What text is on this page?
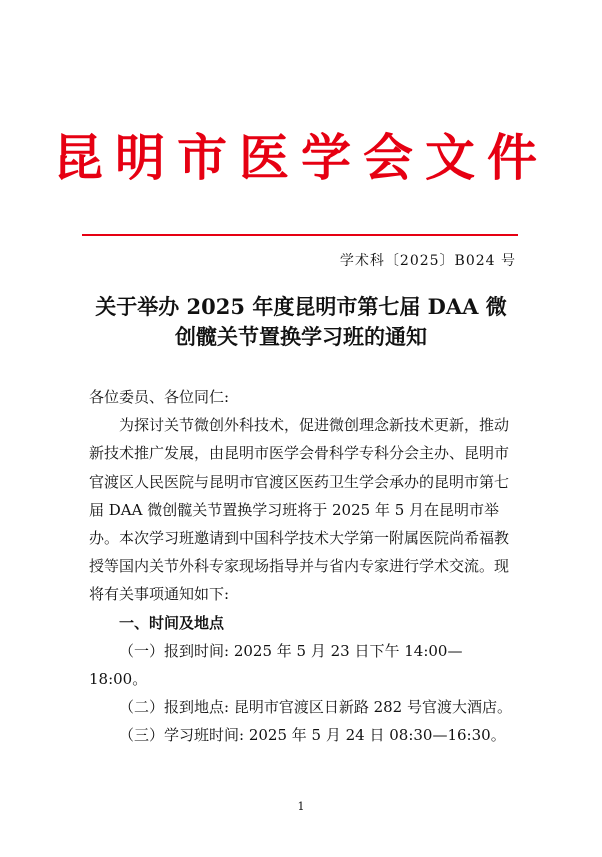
昆明市医学会文件
学术科〔2025〕B024 号
关于举办 2025 年度昆明市第七届 DAA 微创髋关节置换学习班的通知

各位委员、各位同仁:

为探讨关节微创外科技术，促进微创理念新技术更新，推动新技术推广发展，由昆明市医学会骨科学专科分会主办、昆明市官渡区人民医院与昆明市官渡区医药卫生学会承办的昆明市第七届 DAA 微创髋关节置换学习班将于 2025 年 5 月在昆明市举办。本次学习班邀请到中国科学技术大学第一附属医院尚希福教授等国内关节外科专家现场指导并与省内专家进行学术交流。现将有关事项通知如下:

一、时间及地点

（一）报到时间: 2025 年 5 月 23 日下午 14:00—18:00。

（二）报到地点: 昆明市官渡区日新路 282 号官渡大酒店。

（三）学习班时间: 2025 年 5 月 24 日 08:30—16:30。

1
